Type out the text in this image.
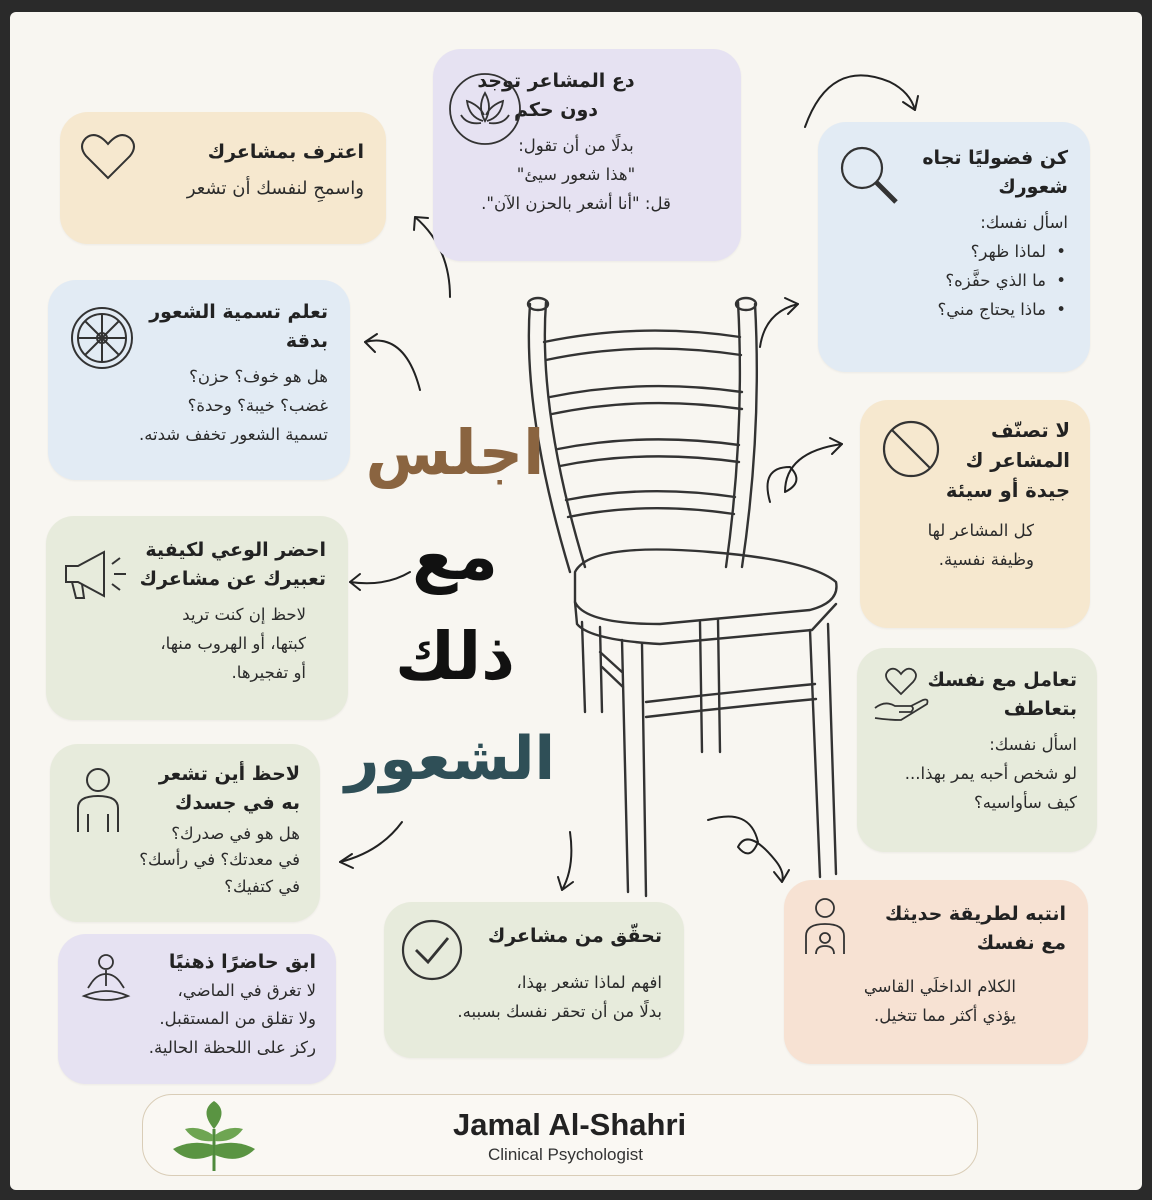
دع المشاعر توجد
دون حكم
بدلًا من أن تقول:
"هذا شعور سيئ"
قل: "أنا أشعر بالحزن الآن".
اعترف بمشاعرك
واسمحِ لنفسك أن تشعر
كن فضوليًا تجاه
شعورك
اسأل نفسك:
• لماذا ظهر؟
• ما الذي حفَّزه؟
• ماذا يحتاج مني؟
تعلم تسمية الشعور
بدقة
هل هو خوف؟ حزن؟
غضب؟ خيبة؟ وحدة؟
تسمية الشعور تخفف شدته.	لا تصنّف
المشاعر ك
جيدة أو سيئة
كل المشاعر لها
وظيفة نفسية.
احضر الوعي لكيفية
تعبيرك عن مشاعرك
لاحظ إن كنت تريد
كبتها، أو الهروب منها،
أو تفجيرها.	تعامل مع نفسك
بتعاطف
اسأل نفسك:
لو شخص أحبه يمر بهذا...
كيف سأواسيه؟
لاحظ أين تشعر
به في جسدك
هل هو في صدرك؟
في معدتك؟ في رأسك؟
في كتفيك؟
ابق حاضرًا ذهنيًا
لا تغرق في الماضي،
ولا تقلق من المستقبل.
ركز على اللحظة الحالية.
تحقّق من مشاعرك
افهم لماذا تشعر بهذا،
بدلًا من أن تحقر نفسك بسببه.
انتبه لطريقة حديثك
مع نفسك
الكلام الداخلَي القاسي
يؤذي أكثر مما تتخيل.
اجلس
مع
ذلك
الشعور
Jamal Al-Shahri
Clinical Psychologist
